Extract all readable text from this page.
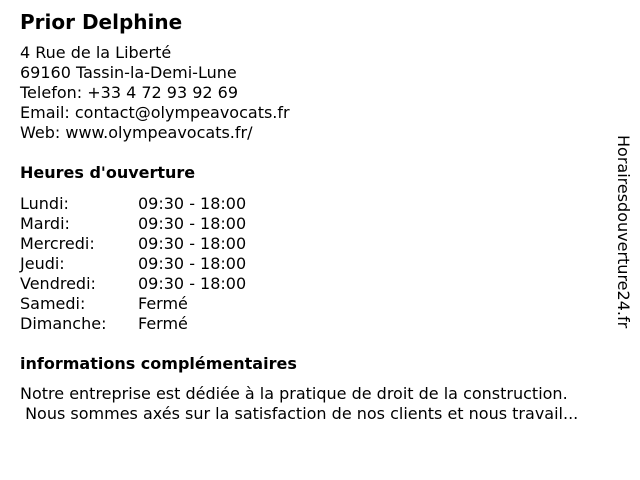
Prior Delphine
4 Rue de la Liberté
69160 Tassin-la-Demi-Lune
Telefon: +33 4 72 93 92 69
Email: contact@olympeavocats.fr
Web: www.olympeavocats.fr/
Heures d'ouverture
Lundi:	09:30 - 18:00
Mardi:	09:30 - 18:00
Mercredi:	09:30 - 18:00
Jeudi:	09:30 - 18:00
Vendredi:	09:30 - 18:00
Samedi:	Fermé
Dimanche: Fermé
informations complémentaires
Notre entreprise est dédiée à la pratique de droit de la construction.
Nous sommes axés sur la satisfaction de nos clients et nous travail...
Horairesdouverture24.fr
